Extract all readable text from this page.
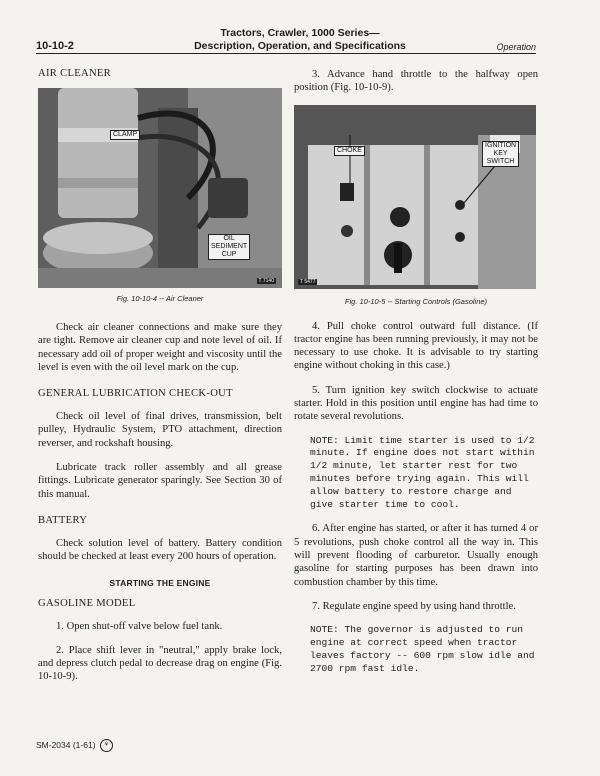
10-10-2
Tractors, Crawler, 1000 Series—
Description, Operation, and Specifications	Operation
AIR CLEANER
CLAMP
OIL
SEDIMENT
CUP
T 7140
Fig. 10-10-4 -- Air Cleaner

Check air cleaner connections and make sure they are tight. Remove air cleaner cup and note level of oil. If necessary add oil of proper weight and viscosity until the level is even with the oil level mark on the cup.

GENERAL LUBRICATION CHECK-OUT

Check oil level of final drives, transmission, belt pulley, Hydraulic System, PTO attachment, direction reverser, and rockshaft housing.

Lubricate track roller assembly and all grease fittings. Lubricate generator sparingly. See Section 30 of this manual.

BATTERY

Check solution level of battery. Battery condition should be checked at least every 200 hours of operation.

STARTING THE ENGINE
GASOLINE MODEL

1. Open shut-off valve below fuel tank.

2. Place shift lever in "neutral," apply brake lock, and depress clutch pedal to decrease drag on engine (Fig. 10-10-9).

3. Advance hand throttle to the halfway open position (Fig. 10-10-9).

CHOKE
IGNITION
KEY
SWITCH
T 5477
Fig. 10-10-5 -- Starting Controls (Gasoline)

4. Pull choke control outward full distance. (If tractor engine has been running previously, it may not be necessary to use choke. It is advisable to try starting engine without choking in this case.)

5. Turn ignition key switch clockwise to actuate starter. Hold in this position until engine has had time to rotate several revolutions.

NOTE: Limit time starter is used to 1/2 minute. If engine does not start within 1/2 minute, let starter rest for two minutes before trying again. This will allow battery to restore charge and give starter time to cool.

6. After engine has started, or after it has turned 4 or 5 revolutions, push choke control all the way in. This will prevent flooding of carburetor. Usually enough gasoline for starting purposes has been drawn into combustion chamber by this time.

7. Regulate engine speed by using hand throttle.

NOTE: The governor is adjusted to run engine at correct speed when tractor leaves factory -- 600 rpm slow idle and 2700 rpm fast idle.

SM-2034 (1-61) ⚘
